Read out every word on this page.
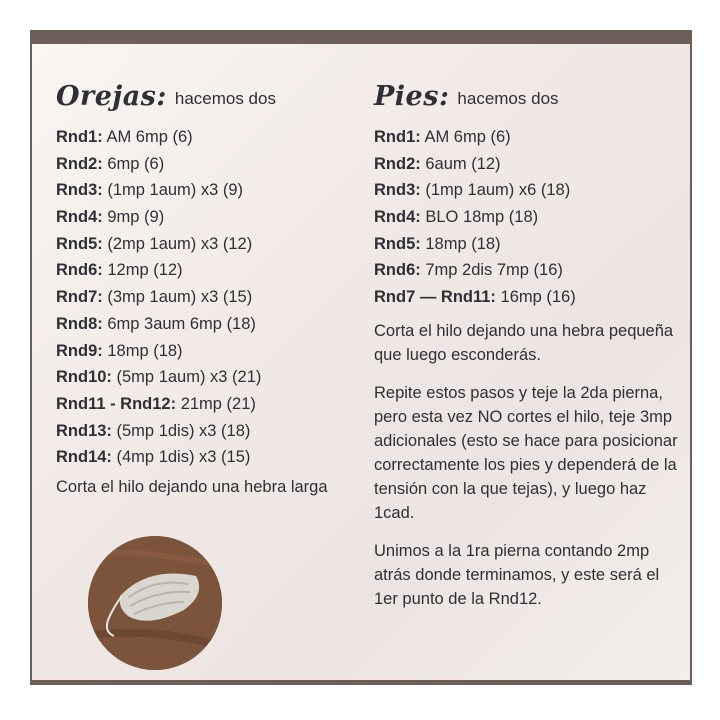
Orejas: hacemos dos
Rnd1: AM 6mp (6)
Rnd2: 6mp (6)
Rnd3: (1mp 1aum) x3 (9)
Rnd4: 9mp (9)
Rnd5: (2mp 1aum) x3 (12)
Rnd6: 12mp (12)
Rnd7: (3mp 1aum) x3 (15)
Rnd8: 6mp 3aum 6mp (18)
Rnd9: 18mp (18)
Rnd10: (5mp 1aum) x3 (21)
Rnd11 - Rnd12: 21mp (21)
Rnd13: (5mp 1dis) x3 (18)
Rnd14: (4mp 1dis) x3 (15)

Corta el hilo dejando una hebra larga

Pies: hacemos dos
Rnd1: AM 6mp (6)
Rnd2: 6aum (12)
Rnd3: (1mp 1aum) x6 (18)
Rnd4: BLO 18mp (18)
Rnd5: 18mp (18)
Rnd6: 7mp 2dis 7mp (16)
Rnd7 — Rnd11: 16mp (16)

Corta el hilo dejando una hebra pequeña que luego esconderás.

Repite estos pasos y teje la 2da pierna, pero esta vez NO cortes el hilo, teje 3mp adicionales (esto se hace para posicionar correctamente los pies y dependerá de la tensión con la que tejas), y luego haz 1cad.

Unimos a la 1ra pierna contando 2mp atrás donde terminamos, y este será el 1er punto de la Rnd12.
